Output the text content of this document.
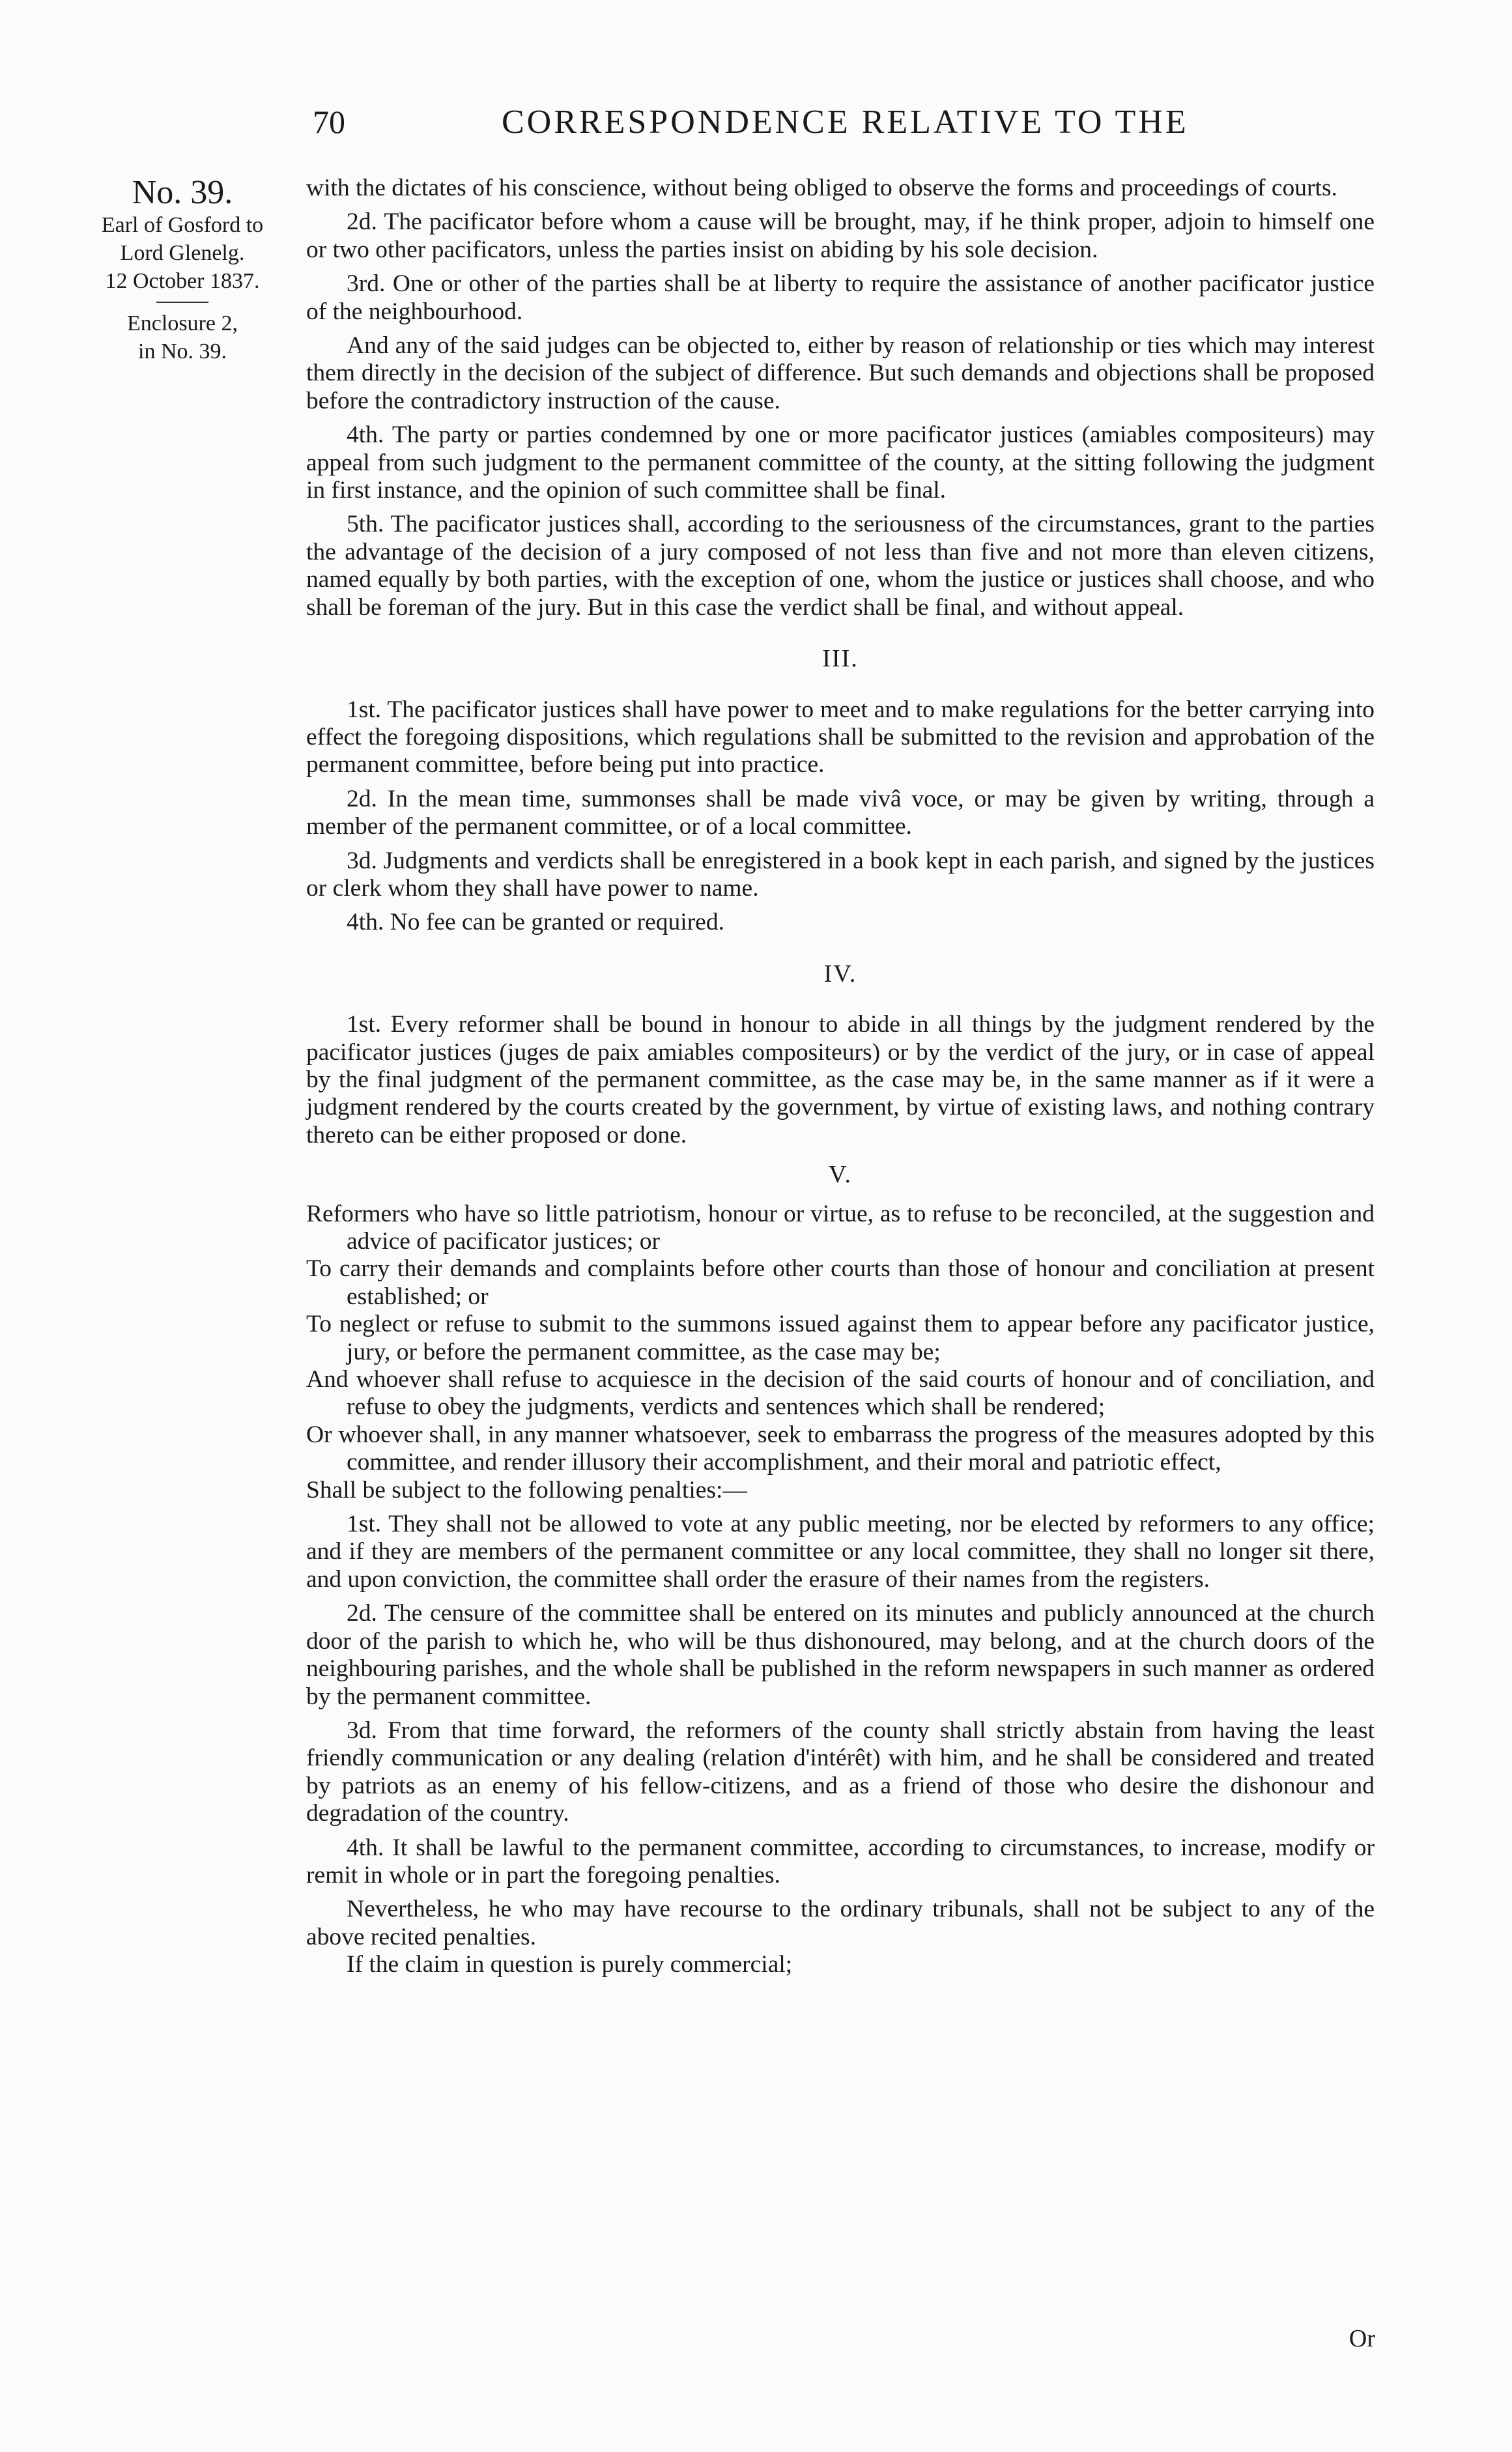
70	CORRESPONDENCE RELATIVE TO THE
No. 39.
Earl of Gosford to
Lord Glenelg.
12 October 1837.
Enclosure 2,
in No. 39.

with the dictates of his conscience, without being obliged to observe the forms and proceedings of courts.

2d. The pacificator before whom a cause will be brought, may, if he think proper, adjoin to himself one or two other pacificators, unless the parties insist on abiding by his sole decision.

3rd. One or other of the parties shall be at liberty to require the assistance of another pacificator justice of the neighbourhood.

And any of the said judges can be objected to, either by reason of relationship or ties which may interest them directly in the decision of the subject of difference. But such demands and objections shall be proposed before the contradictory instruction of the cause.

4th. The party or parties condemned by one or more pacificator justices (amiables compositeurs) may appeal from such judgment to the permanent committee of the county, at the sitting following the judgment in first instance, and the opinion of such committee shall be final.

5th. The pacificator justices shall, according to the seriousness of the circumstances, grant to the parties the advantage of the decision of a jury composed of not less than five and not more than eleven citizens, named equally by both parties, with the exception of one, whom the justice or justices shall choose, and who shall be foreman of the jury. But in this case the verdict shall be final, and without appeal.

III.

1st. The pacificator justices shall have power to meet and to make regulations for the better carrying into effect the foregoing dispositions, which regulations shall be submitted to the revision and approbation of the permanent committee, before being put into practice.

2d. In the mean time, summonses shall be made vivâ voce, or may be given by writing, through a member of the permanent committee, or of a local committee.

3d. Judgments and verdicts shall be enregistered in a book kept in each parish, and signed by the justices or clerk whom they shall have power to name.

4th. No fee can be granted or required.

IV.

1st. Every reformer shall be bound in honour to abide in all things by the judgment rendered by the pacificator justices (juges de paix amiables compositeurs) or by the verdict of the jury, or in case of appeal by the final judgment of the permanent committee, as the case may be, in the same manner as if it were a judgment rendered by the courts created by the government, by virtue of existing laws, and nothing contrary thereto can be either proposed or done.

V.

Reformers who have so little patriotism, honour or virtue, as to refuse to be reconciled, at the suggestion and advice of pacificator justices; or

To carry their demands and complaints before other courts than those of honour and conciliation at present established; or

To neglect or refuse to submit to the summons issued against them to appear before any pacificator justice, jury, or before the permanent committee, as the case may be;

And whoever shall refuse to acquiesce in the decision of the said courts of honour and of conciliation, and refuse to obey the judgments, verdicts and sentences which shall be rendered;

Or whoever shall, in any manner whatsoever, seek to embarrass the progress of the measures adopted by this committee, and render illusory their accomplishment, and their moral and patriotic effect,

Shall be subject to the following penalties:—

1st. They shall not be allowed to vote at any public meeting, nor be elected by reformers to any office; and if they are members of the permanent committee or any local committee, they shall no longer sit there, and upon conviction, the committee shall order the erasure of their names from the registers.

2d. The censure of the committee shall be entered on its minutes and publicly announced at the church door of the parish to which he, who will be thus dishonoured, may belong, and at the church doors of the neighbouring parishes, and the whole shall be published in the reform newspapers in such manner as ordered by the permanent committee.

3d. From that time forward, the reformers of the county shall strictly abstain from having the least friendly communication or any dealing (relation d'intérêt) with him, and he shall be considered and treated by patriots as an enemy of his fellow-citizens, and as a friend of those who desire the dishonour and degradation of the country.

4th. It shall be lawful to the permanent committee, according to circumstances, to increase, modify or remit in whole or in part the foregoing penalties.

Nevertheless, he who may have recourse to the ordinary tribunals, shall not be subject to any of the above recited penalties.

If the claim in question is purely commercial;

Or
